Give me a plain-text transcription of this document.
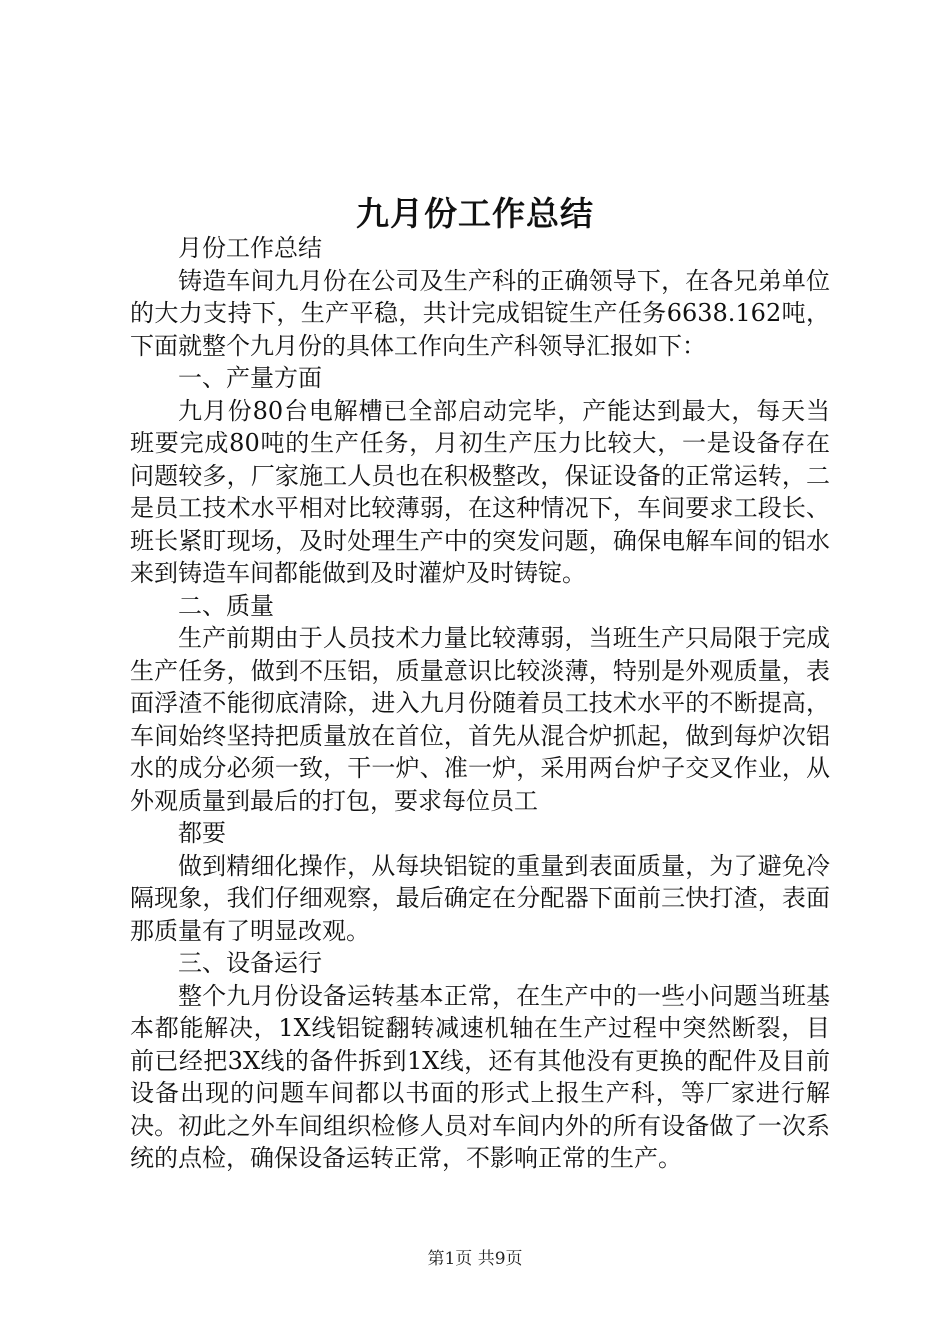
九月份工作总结

月份工作总结

铸造车间九月份在公司及生产科的正确领导下，在各兄弟单位的大力支持下，生产平稳，共计完成铝锭生产任务6638.162吨，下面就整个九月份的具体工作向生产科领导汇报如下：

一、产量方面

九月份80台电解槽已全部启动完毕，产能达到最大，每天当班要完成80吨的生产任务，月初生产压力比较大，一是设备存在问题较多，厂家施工人员也在积极整改，保证设备的正常运转，二是员工技术水平相对比较薄弱，在这种情况下，车间要求工段长、班长紧盯现场，及时处理生产中的突发问题，确保电解车间的铝水来到铸造车间都能做到及时灌炉及时铸锭。

二、质量

生产前期由于人员技术力量比较薄弱，当班生产只局限于完成生产任务，做到不压铝，质量意识比较淡薄，特别是外观质量，表面浮渣不能彻底清除，进入九月份随着员工技术水平的不断提高，车间始终坚持把质量放在首位，首先从混合炉抓起，做到每炉次铝水的成分必须一致，干一炉、准一炉，采用两台炉子交叉作业，从外观质量到最后的打包，要求每位员工

都要

做到精细化操作，从每块铝锭的重量到表面质量，为了避免冷隔现象，我们仔细观察，最后确定在分配器下面前三快打渣，表面那质量有了明显改观。

三、设备运行

整个九月份设备运转基本正常，在生产中的一些小问题当班基本都能解决，1X线铝锭翻转减速机轴在生产过程中突然断裂，目前已经把3X线的备件拆到1X线，还有其他没有更换的配件及目前设备出现的问题车间都以书面的形式上报生产科，等厂家进行解决。初此之外车间组织检修人员对车间内外的所有设备做了一次系统的点检，确保设备运转正常，不影响正常的生产。

第1页 共9页
